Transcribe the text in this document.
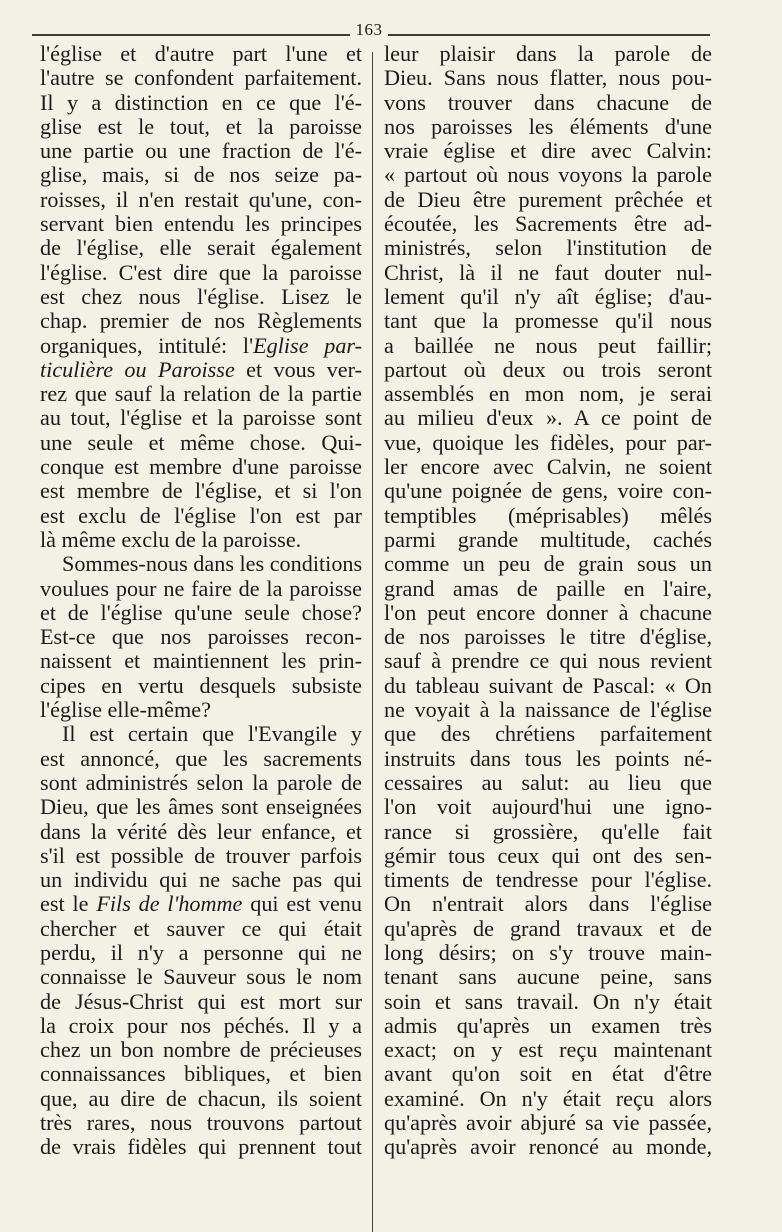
163
l'église et d'autre part l'une et
l'autre se confondent parfaitement.
Il y a distinction en ce que l'é-
glise est le tout, et la paroisse
une partie ou une fraction de l'é-
glise, mais, si de nos seize pa-
roisses, il n'en restait qu'une, con-
servant bien entendu les principes
de l'église, elle serait également
l'église. C'est dire que la paroisse
est chez nous l'église. Lisez le
chap. premier de nos Règlements
organiques, intitulé: l'Eglise par-
ticulière ou Paroisse et vous ver-
rez que sauf la relation de la partie
au tout, l'église et la paroisse sont
une seule et même chose. Qui-
conque est membre d'une paroisse
est membre de l'église, et si l'on
est exclu de l'église l'on est par
là même exclu de la paroisse.
Sommes-nous dans les conditions
voulues pour ne faire de la paroisse
et de l'église qu'une seule chose?
Est-ce que nos paroisses recon-
naissent et maintiennent les prin-
cipes en vertu desquels subsiste
l'église elle-même?
Il est certain que l'Evangile y
est annoncé, que les sacrements
sont administrés selon la parole de
Dieu, que les âmes sont enseignées
dans la vérité dès leur enfance, et
s'il est possible de trouver parfois
un individu qui ne sache pas qui
est le Fils de l'homme qui est venu
chercher et sauver ce qui était
perdu, il n'y a personne qui ne
connaisse le Sauveur sous le nom
de Jésus-Christ qui est mort sur
la croix pour nos péchés. Il y a
chez un bon nombre de précieuses
connaissances bibliques, et bien
que, au dire de chacun, ils soient
très rares, nous trouvons partout
de vrais fidèles qui prennent tout
leur plaisir dans la parole de
Dieu. Sans nous flatter, nous pou-
vons trouver dans chacune de
nos paroisses les éléments d'une
vraie église et dire avec Calvin:
« partout où nous voyons la parole
de Dieu être purement prêchée et
écoutée, les Sacrements être ad-
ministrés, selon l'institution de
Christ, là il ne faut douter nul-
lement qu'il n'y aît église; d'au-
tant que la promesse qu'il nous
a baillée ne nous peut faillir;
partout où deux ou trois seront
assemblés en mon nom, je serai
au milieu d'eux ». A ce point de
vue, quoique les fidèles, pour par-
ler encore avec Calvin, ne soient
qu'une poignée de gens, voire con-
temptibles (méprisables) mêlés
parmi grande multitude, cachés
comme un peu de grain sous un
grand amas de paille en l'aire,
l'on peut encore donner à chacune
de nos paroisses le titre d'église,
sauf à prendre ce qui nous revient
du tableau suivant de Pascal: « On
ne voyait à la naissance de l'église
que des chrétiens parfaitement
instruits dans tous les points né-
cessaires au salut: au lieu que
l'on voit aujourd'hui une igno-
rance si grossière, qu'elle fait
gémir tous ceux qui ont des sen-
timents de tendresse pour l'église.
On n'entrait alors dans l'église
qu'après de grand travaux et de
long désirs; on s'y trouve main-
tenant sans aucune peine, sans
soin et sans travail. On n'y était
admis qu'après un examen très
exact; on y est reçu maintenant
avant qu'on soit en état d'être
examiné. On n'y était reçu alors
qu'après avoir abjuré sa vie passée,
qu'après avoir renoncé au monde,
